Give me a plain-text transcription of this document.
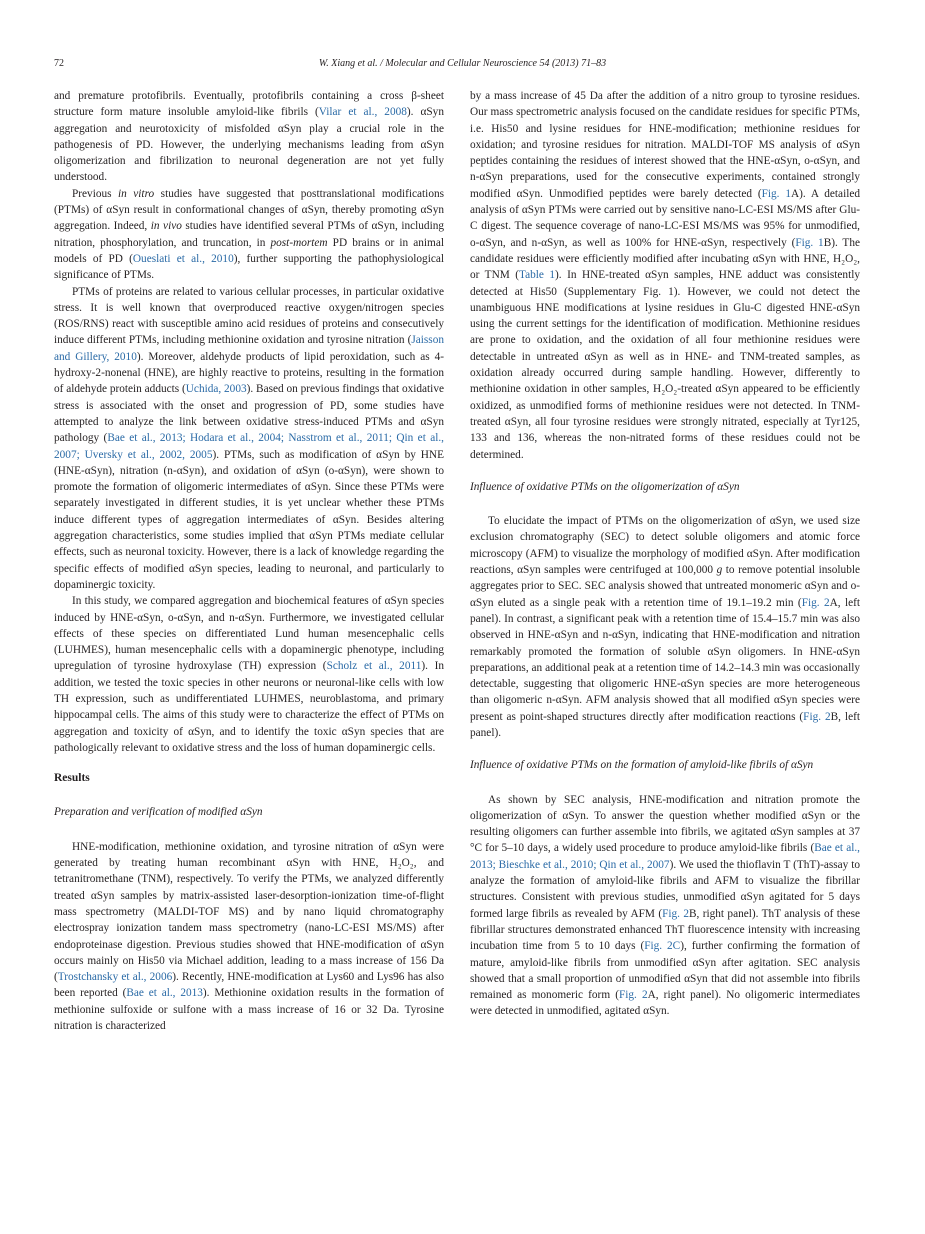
72	W. Xiang et al. / Molecular and Cellular Neuroscience 54 (2013) 71–83

and premature protofibrils. Eventually, protofibrils containing a cross β-sheet structure form mature insoluble amyloid-like fibrils (Vilar et al., 2008). αSyn aggregation and neurotoxicity of misfolded αSyn play a crucial role in the pathogenesis of PD. However, the underlying mechanisms leading from αSyn oligomerization and fibrilization to neuronal degeneration are not yet fully understood.

Previous in vitro studies have suggested that posttranslational modifications (PTMs) of αSyn result in conformational changes of αSyn, thereby promoting αSyn aggregation. Indeed, in vivo studies have identified several PTMs of αSyn, including nitration, phosphorylation, and truncation, in post-mortem PD brains or in animal models of PD (Oueslati et al., 2010), further supporting the pathophysiological significance of PTMs.

PTMs of proteins are related to various cellular processes, in particular oxidative stress. It is well known that overproduced reactive oxygen/nitrogen species (ROS/RNS) react with susceptible amino acid residues of proteins and consecutively induce different PTMs, including methionine oxidation and tyrosine nitration (Jaisson and Gillery, 2010). Moreover, aldehyde products of lipid peroxidation, such as 4-hydroxy-2-nonenal (HNE), are highly reactive to proteins, resulting in the formation of aldehyde protein adducts (Uchida, 2003). Based on previous findings that oxidative stress is associated with the onset and progression of PD, some studies have attempted to analyze the link between oxidative stress-induced PTMs and αSyn pathology (Bae et al., 2013; Hodara et al., 2004; Nasstrom et al., 2011; Qin et al., 2007; Uversky et al., 2002, 2005). PTMs, such as modification of αSyn by HNE (HNE-αSyn), nitration (n-αSyn), and oxidation of αSyn (o-αSyn), were shown to promote the formation of oligomeric intermediates of αSyn. Since these PTMs were separately investigated in different studies, it is yet unclear whether these PTMs induce different types of aggregation intermediates of αSyn. Besides altering aggregation characteristics, some studies implied that αSyn PTMs mediate cellular effects, such as neuronal toxicity. However, there is a lack of knowledge regarding the specific effects of modified αSyn species, leading to neuronal, and particularly to dopaminergic toxicity.

In this study, we compared aggregation and biochemical features of αSyn species induced by HNE-αSyn, o-αSyn, and n-αSyn. Furthermore, we investigated cellular effects of these species on differentiated Lund human mesencephalic cells (LUHMES), human mesencephalic cells with a dopaminergic phenotype, including upregulation of tyrosine hydroxylase (TH) expression (Scholz et al., 2011). In addition, we tested the toxic species in other neurons or neuronal-like cells with low TH expression, such as undifferentiated LUHMES, neuroblastoma, and primary hippocampal cells. The aims of this study were to characterize the effect of PTMs on aggregation and toxicity of αSyn, and to identify the toxic αSyn species that are pathologically relevant to oxidative stress and the loss of human dopaminergic cells.

Results
Preparation and verification of modified αSyn

HNE-modification, methionine oxidation, and tyrosine nitration of αSyn were generated by treating human recombinant αSyn with HNE, H₂O₂, and tetranitromethane (TNM), respectively. To verify the PTMs, we analyzed differently treated αSyn samples by matrix-assisted laser-desorption-ionization time-of-flight mass spectrometry (MALDI-TOF MS) and by nano liquid chromatography electrospray ionization tandem mass spectrometry (nano-LC-ESI MS/MS) after endoproteinase digestion. Previous studies showed that HNE-modification of αSyn occurs mainly on His50 via Michael addition, leading to a mass increase of 156 Da (Trostchansky et al., 2006). Recently, HNE-modification at Lys60 and Lys96 has also been reported (Bae et al., 2013). Methionine oxidation results in the formation of methionine sulfoxide or sulfone with a mass increase of 16 or 32 Da. Tyrosine nitration is characterized

by a mass increase of 45 Da after the addition of a nitro group to tyrosine residues. Our mass spectrometric analysis focused on the candidate residues for specific PTMs, i.e. His50 and lysine residues for HNE-modification; methionine residues for oxidation; and tyrosine residues for nitration. MALDI-TOF MS analysis of αSyn peptides containing the residues of interest showed that the HNE-αSyn, o-αSyn, and n-αSyn preparations, used for the consecutive experiments, contained strongly modified αSyn. Unmodified peptides were barely detected (Fig. 1A). A detailed analysis of αSyn PTMs were carried out by sensitive nano-LC-ESI MS/MS after Glu-C digest. The sequence coverage of nano-LC-ESI MS/MS was 95% for unmodified, o-αSyn, and n-αSyn, as well as 100% for HNE-αSyn, respectively (Fig. 1B). The candidate residues were efficiently modified after incubating αSyn with HNE, H₂O₂, or TNM (Table 1). In HNE-treated αSyn samples, HNE adduct was consistently detected at His50 (Supplementary Fig. 1). However, we could not detect the unambiguous HNE modifications at lysine residues in Glu-C digested HNE-αSyn using the current settings for the identification of modification. Methionine residues are prone to oxidation, and the oxidation of all four methionine residues were detectable in untreated αSyn as well as in HNE- and TNM-treated samples, as oxidation already occurred during sample handling. However, differently to methionine oxidation in other samples, H₂O₂-treated αSyn appeared to be efficiently oxidized, as unmodified forms of methionine residues were not detected. In TNM-treated αSyn, all four tyrosine residues were strongly nitrated, especially at Tyr125, 133 and 136, whereas the non-nitrated forms of these residues could not be determined.

Influence of oxidative PTMs on the oligomerization of αSyn

To elucidate the impact of PTMs on the oligomerization of αSyn, we used size exclusion chromatography (SEC) to detect soluble oligomers and atomic force microscopy (AFM) to visualize the morphology of modified αSyn. After modification reactions, αSyn samples were centrifuged at 100,000 g to remove potential insoluble aggregates prior to SEC. SEC analysis showed that untreated monomeric αSyn and o-αSyn eluted as a single peak with a retention time of 19.1–19.2 min (Fig. 2A, left panel). In contrast, a significant peak with a retention time of 15.4–15.7 min was also observed in HNE-αSyn and n-αSyn, indicating that HNE-modification and nitration remarkably promoted the formation of soluble αSyn oligomers. In HNE-αSyn preparations, an additional peak at a retention time of 14.2–14.3 min was occasionally detectable, suggesting that oligomeric HNE-αSyn species are more heterogeneous than oligomeric n-αSyn. AFM analysis showed that all modified αSyn species were present as point-shaped structures directly after modification reactions (Fig. 2B, left panel).

Influence of oxidative PTMs on the formation of amyloid-like fibrils of αSyn

As shown by SEC analysis, HNE-modification and nitration promote the oligomerization of αSyn. To answer the question whether modified αSyn or the resulting oligomers can further assemble into fibrils, we agitated αSyn samples at 37 °C for 5–10 days, a widely used procedure to produce amyloid-like fibrils (Bae et al., 2013; Bieschke et al., 2010; Qin et al., 2007). We used the thioflavin T (ThT)-assay to analyze the formation of amyloid-like fibrils and AFM to visualize the fibrillar structures. Consistent with previous studies, unmodified αSyn agitated for 5 days formed large fibrils as revealed by AFM (Fig. 2B, right panel). ThT analysis of these fibrillar structures demonstrated enhanced ThT fluorescence intensity with increasing incubation time from 5 to 10 days (Fig. 2C), further confirming the formation of mature, amyloid-like fibrils from unmodified αSyn after agitation. SEC analysis showed that a small proportion of unmodified αSyn that did not assemble into fibrils remained as monomeric form (Fig. 2A, right panel). No oligomeric intermediates were detected in unmodified, agitated αSyn.
